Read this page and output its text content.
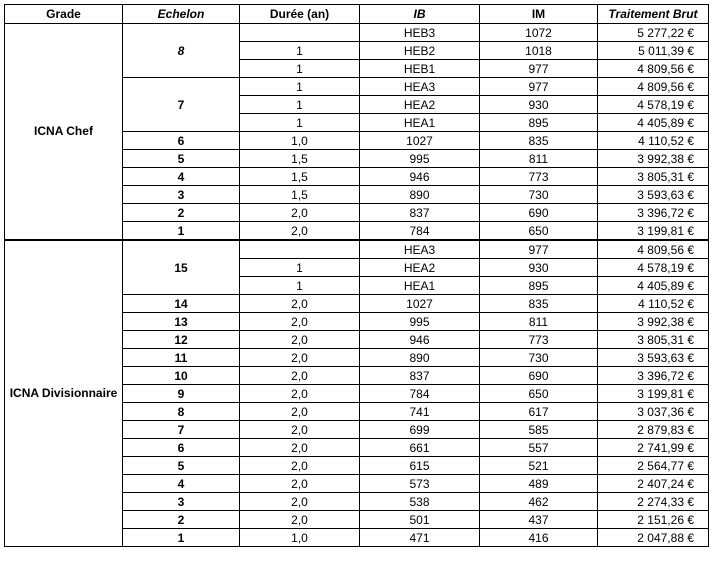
Grade	Echelon	Durée (an)	IB	IM	Traitement Brut
ICNA Chef	8		HEB3	1072	5 277,22 €
		1	HEB2	1018	5 011,39 €
		1	HEB1	977	4 809,56 €
	7	1	HEA3	977	4 809,56 €
		1	HEA2	930	4 578,19 €
		1	HEA1	895	4 405,89 €
	6	1,0	1027	835	4 110,52 €
	5	1,5	995	811	3 992,38 €
	4	1,5	946	773	3 805,31 €
	3	1,5	890	730	3 593,63 €
	2	2,0	837	690	3 396,72 €
	1	2,0	784	650	3 199,81 €
ICNA Divisionnaire	15		HEA3	977	4 809,56 €
		1	HEA2	930	4 578,19 €
		1	HEA1	895	4 405,89 €
	14	2,0	1027	835	4 110,52 €
	13	2,0	995	811	3 992,38 €
	12	2,0	946	773	3 805,31 €
	11	2,0	890	730	3 593,63 €
	10	2,0	837	690	3 396,72 €
	9	2,0	784	650	3 199,81 €
	8	2,0	741	617	3 037,36 €
	7	2,0	699	585	2 879,83 €
	6	2,0	661	557	2 741,99 €
	5	2,0	615	521	2 564,77 €
	4	2,0	573	489	2 407,24 €
	3	2,0	538	462	2 274,33 €
	2	2,0	501	437	2 151,26 €
	1	1,0	471	416	2 047,88 €
